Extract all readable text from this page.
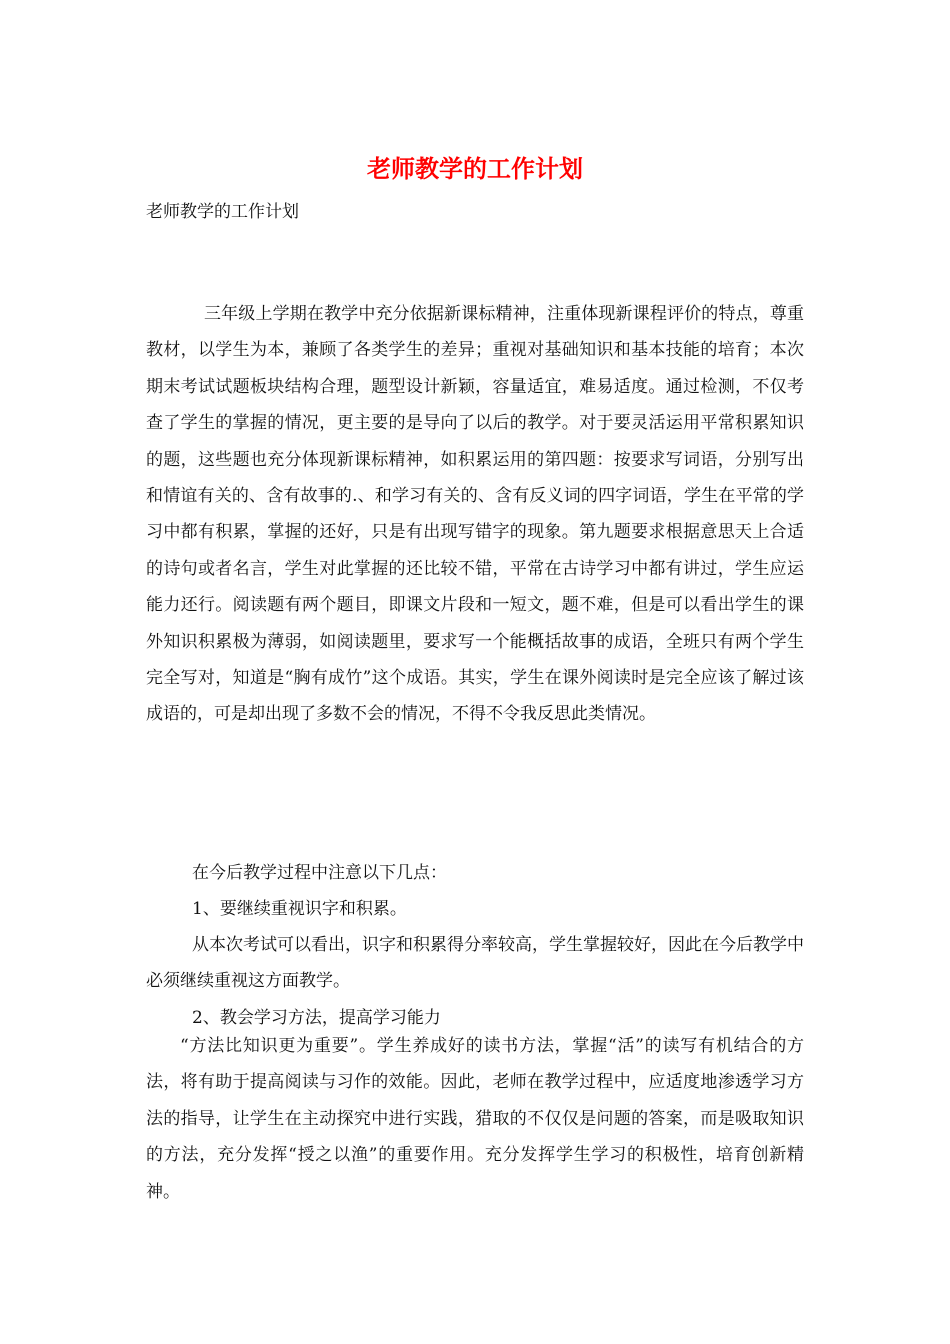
老师教学的工作计划

老师教学的工作计划

三年级上学期在教学中充分依据新课标精神，注重体现新课程评价的特点，尊重教材，以学生为本，兼顾了各类学生的差异；重视对基础知识和基本技能的培育；本次期末考试试题板块结构合理，题型设计新颖，容量适宜，难易适度。通过检测，不仅考查了学生的掌握的情况，更主要的是导向了以后的教学。对于要灵活运用平常积累知识的题，这些题也充分体现新课标精神，如积累运用的第四题：按要求写词语，分别写出和情谊有关的、含有故事的.、和学习有关的、含有反义词的四字词语，学生在平常的学习中都有积累，掌握的还好，只是有出现写错字的现象。第九题要求根据意思天上合适的诗句或者名言，学生对此掌握的还比较不错，平常在古诗学习中都有讲过，学生应运能力还行。阅读题有两个题目，即课文片段和一短文，题不难，但是可以看出学生的课外知识积累极为薄弱，如阅读题里，要求写一个能概括故事的成语，全班只有两个学生完全写对，知道是“胸有成竹”这个成语。其实，学生在课外阅读时是完全应该了解过该成语的，可是却出现了多数不会的情况，不得不令我反思此类情况。

在今后教学过程中注意以下几点：

1、要继续重视识字和积累。

从本次考试可以看出，识字和积累得分率较高，学生掌握较好，因此在今后教学中必须继续重视这方面教学。

2、教会学习方法，提高学习能力

“方法比知识更为重要”。学生养成好的读书方法，掌握“活”的读写有机结合的方法，将有助于提高阅读与习作的效能。因此，老师在教学过程中，应适度地渗透学习方法的指导，让学生在主动探究中进行实践，猎取的不仅仅是问题的答案，而是吸取知识的方法，充分发挥“授之以渔”的重要作用。充分发挥学生学习的积极性，培育创新精神。
